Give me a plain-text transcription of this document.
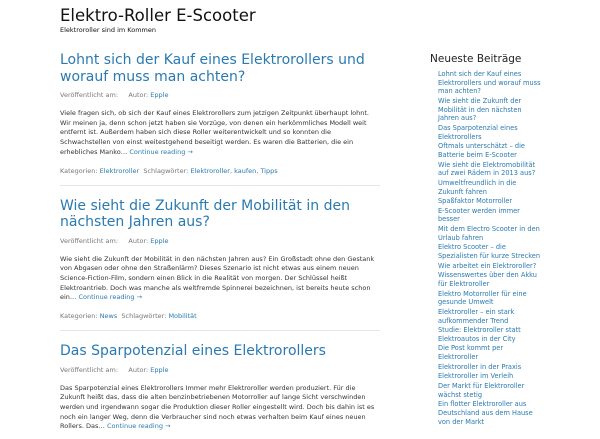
Elektro-Roller E-Scooter
Elektroroller sind im Kommen
Lohnt sich der Kauf eines Elektrorollers und worauf muss man achten?
Veröffentlicht am: Autor: Epple

Viele fragen sich, ob sich der Kauf eines Elektrorollers zum jetzigen Zeitpunkt überhaupt lohnt. Wir meinen ja, denn schon jetzt haben sie Vorzüge, von denen ein herkömmliches Modell weit entfernt ist. Außerdem haben sich diese Roller weiterentwickelt und so konnten die Schwachstellen von einst weitestgehend beseitigt werden. Es waren die Batterien, die ein erhebliches Manko… Continue reading →

Kategorien: Elektroroller Schlagwörter: Elektroroller, kaufen, Tipps
Wie sieht die Zukunft der Mobilität in den nächsten Jahren aus?
Veröffentlicht am: Autor: Epple

Wie sieht die Zukunft der Mobilität in den nächsten Jahren aus? Ein Großstadt ohne den Gestank von Abgasen oder ohne den Straßenlärm? Dieses Szenario ist nicht etwas aus einem neuen Science-Fiction-Film, sondern einen Blick in die Realität von morgen. Der Schlüssel heißt Elektroantrieb. Doch was manche als weltfremde Spinnerei bezeichnen, ist bereits heute schon ein… Continue reading →

Kategorien: News Schlagwörter: Mobilität
Das Sparpotenzial eines Elektrorollers
Veröffentlicht am: Autor: Epple

Das Sparpotenzial eines Elektrorollers Immer mehr Elektroroller werden produziert. Für die Zukunft heißt das, dass die alten benzinbetriebenen Motorroller auf lange Sicht verschwinden werden und irgendwann sogar die Produktion dieser Roller eingestellt wird. Doch bis dahin ist es noch ein langer Weg, denn die Verbraucher sind noch etwas verhalten beim Kauf eines neuen Rollers. Das… Continue reading →

Neueste Beiträge
Lohnt sich der Kauf eines Elektrorollers und worauf muss man achten?
Wie sieht die Zukunft der Mobilität in den nächsten Jahren aus?
Das Sparpotenzial eines Elektrorollers
Oftmals unterschätzt – die Batterie beim E-Scooter
Wie sieht die Elektromobilität auf zwei Rädern in 2013 aus?
Umweltfreundlich in die Zukunft fahren
Spaßfaktor Motorroller
E-Scooter werden immer besser
Mit dem Electro Scooter in den Urlaub fahren
Elektro Scooter – die Spezialisten für kurze Strecken
Wie arbeitet ein Elektroroller?
Wissenswertes über den Akku für Elektroroller
Elektro Motorroller für eine gesunde Umwelt
Elektroroller – ein stark aufkommender Trend
Studie: Elektroroller statt Elektroautos in der City
Die Post kommt per Elektroroller
Elektroroller in der Praxis
Elektroroller im Verleih
Der Markt für Elektroroller wächst stetig
Ein flotter Elektroroller aus Deutschland aus dem Hause von der Markt
